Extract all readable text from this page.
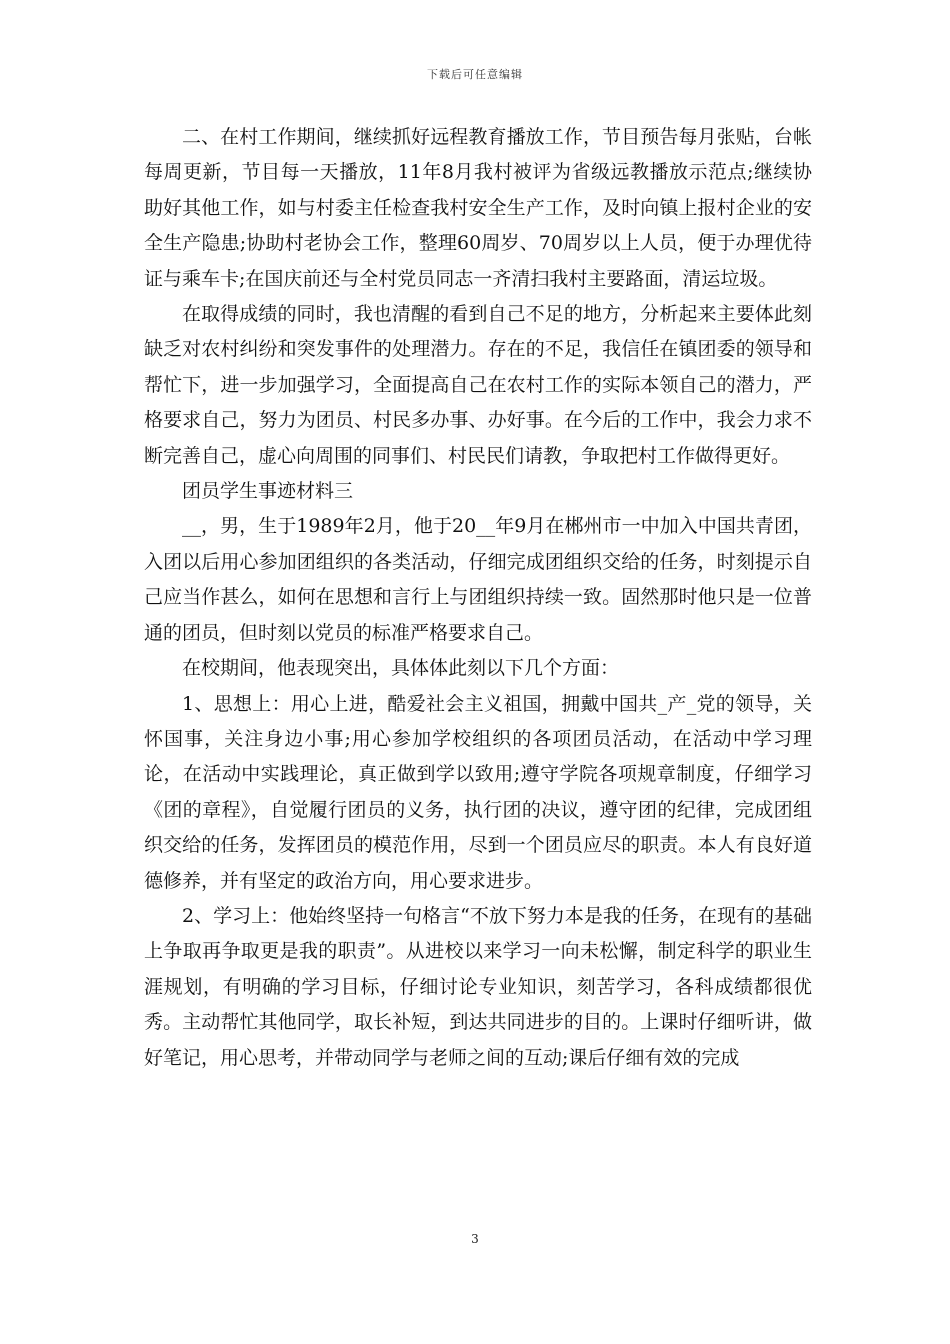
下载后可任意编辑

二、在村工作期间，继续抓好远程教育播放工作，节目预告每月张贴，台帐每周更新，节目每一天播放，11年8月我村被评为省级远教播放示范点;继续协助好其他工作，如与村委主任检查我村安全生产工作，及时向镇上报村企业的安全生产隐患;协助村老协会工作，整理60周岁、70周岁以上人员，便于办理优待证与乘车卡;在国庆前还与全村党员同志一齐清扫我村主要路面，清运垃圾。

在取得成绩的同时，我也清醒的看到自己不足的地方，分析起来主要体此刻缺乏对农村纠纷和突发事件的处理潜力。存在的不足，我信任在镇团委的领导和帮忙下，进一步加强学习，全面提高自己在农村工作的实际本领自己的潜力，严格要求自己，努力为团员、村民多办事、办好事。在今后的工作中，我会力求不断完善自己，虚心向周围的同事们、村民民们请教，争取把村工作做得更好。

团员学生事迹材料三

__，男，生于1989年2月，他于20__年9月在郴州市一中加入中国共青团，入团以后用心参加团组织的各类活动，仔细完成团组织交给的任务，时刻提示自己应当作甚么，如何在思想和言行上与团组织持续一致。固然那时他只是一位普通的团员，但时刻以党员的标准严格要求自己。

在校期间，他表现突出，具体体此刻以下几个方面：

1、思想上：用心上进，酷爱社会主义祖国，拥戴中国共_产_党的领导，关怀国事，关注身边小事;用心参加学校组织的各项团员活动，在活动中学习理论，在活动中实践理论，真正做到学以致用;遵守学院各项规章制度，仔细学习《团的章程》，自觉履行团员的义务，执行团的决议，遵守团的纪律，完成团组织交给的任务，发挥团员的模范作用，尽到一个团员应尽的职责。本人有良好道德修养，并有坚定的政治方向，用心要求进步。

2、学习上：他始终坚持一句格言“不放下努力本是我的任务，在现有的基础上争取再争取更是我的职责”。从进校以来学习一向未松懈，制定科学的职业生涯规划，有明确的学习目标，仔细讨论专业知识，刻苦学习，各科成绩都很优秀。主动帮忙其他同学，取长补短，到达共同进步的目的。上课时仔细听讲，做好笔记，用心思考，并带动同学与老师之间的互动;课后仔细有效的完成

3
